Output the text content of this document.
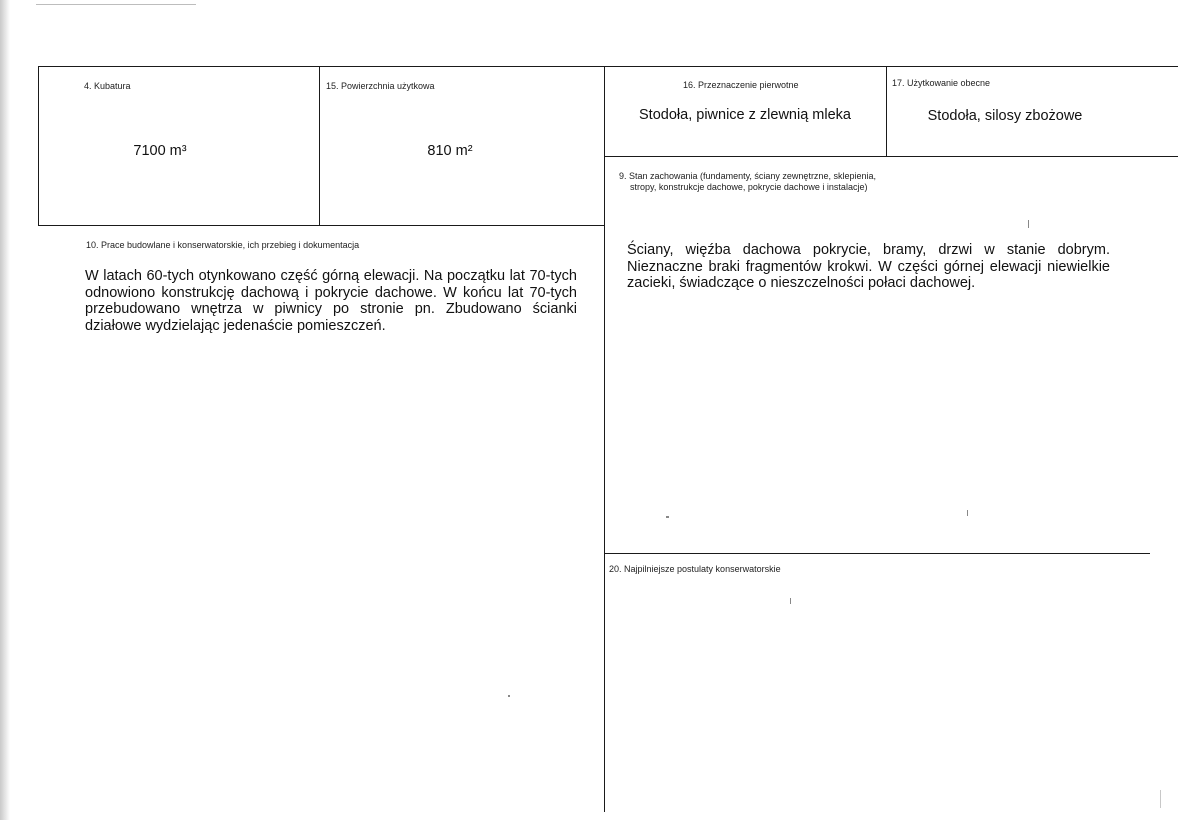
4. Kubatura
7100 m³
15. Powierzchnia użytkowa
810 m²
16. Przeznaczenie pierwotne
Stodoła, piwnice z zlewnią mleka
17. Użytkowanie obecne
Stodoła, silosy zbożowe
9. Stan zachowania (fundamenty, ściany zewnętrzne, sklepienia,
stropy, konstrukcje dachowe, pokrycie dachowe i instalacje)
Ściany, więźba dachowa pokrycie, bramy, drzwi w stanie dobrym. Nieznaczne braki fragmentów krokwi. W części górnej elewacji niewielkie zacieki, świadczące o nieszczelności połaci dachowej.
10. Prace budowlane i konserwatorskie, ich przebieg i dokumentacja
W latach 60-tych otynkowano część górną elewacji. Na początku lat 70-tych odnowiono konstrukcję dachową i pokrycie dachowe. W końcu lat 70-tych przebudowano wnętrza w piwnicy po stronie pn. Zbudowano ścianki działowe wydzielając jedenaście pomieszczeń.
20. Najpilniejsze postulaty konserwatorskie
